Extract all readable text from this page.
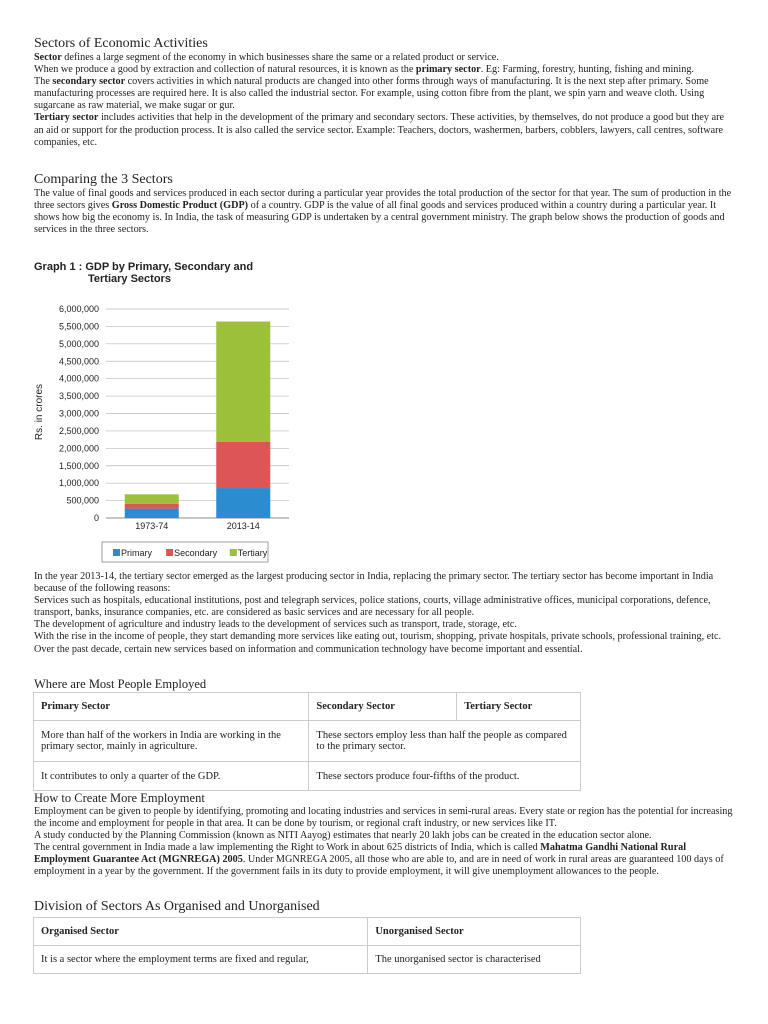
Sectors of Economic Activities

Sector defines a large segment of the economy in which businesses share the same or a related product or service.

When we produce a good by extraction and collection of natural resources, it is known as the primary sector. Eg: Farming, forestry, hunting, fishing and mining.

The secondary sector covers activities in which natural products are changed into other forms through ways of manufacturing. It is the next step after primary. Some manufacturing processes are required here. It is also called the industrial sector. For example, using cotton fibre from the plant, we spin yarn and weave cloth. Using sugarcane as raw material, we make sugar or gur.

Tertiary sector includes activities that help in the development of the primary and secondary sectors. These activities, by themselves, do not produce a good but they are an aid or support for the production process. It is also called the service sector. Example: Teachers, doctors, washermen, barbers, cobblers, lawyers, call centres, software companies, etc.

Comparing the 3 Sectors

The value of final goods and services produced in each sector during a particular year provides the total production of the sector for that year. The sum of production in the three sectors gives Gross Domestic Product (GDP) of a country. GDP is the value of all final goods and services produced within a country during a particular year. It shows how big the economy is. In India, the task of measuring GDP is undertaken by a central government ministry. The graph below shows the production of goods and services in the three sectors.

Graph 1 : GDP by Primary, Secondary and
Tertiary Sectors
0
500,000
1,000,000
1,500,000
2,000,000
2,500,000
3,000,000
3,500,000
4,000,000
4,500,000
5,000,000
5,500,000
6,000,000
1973-74	2013-14
Rs. in crores
Primary Secondary Tertiary

In the year 2013-14, the tertiary sector emerged as the largest producing sector in India, replacing the primary sector. The tertiary sector has become important in India because of the following reasons:

Services such as hospitals, educational institutions, post and telegraph services, police stations, courts, village administrative offices, municipal corporations, defence, transport, banks, insurance companies, etc. are considered as basic services and are necessary for all people.

The development of agriculture and industry leads to the development of services such as transport, trade, storage, etc.

With the rise in the income of people, they start demanding more services like eating out, tourism, shopping, private hospitals, private schools, professional training, etc.

Over the past decade, certain new services based on information and communication technology have become important and essential.

Where are Most People Employed
Primary Sector	Secondary Sector	Tertiary Sector
More than half of the workers in India are working in the primary sector, mainly in agriculture.	These sectors employ less than half the people as compared to the primary sector.	
It contributes to only a quarter of the GDP.	These sectors produce four-fifths of the product.	
How to Create More Employment

Employment can be given to people by identifying, promoting and locating industries and services in semi-rural areas. Every state or region has the potential for increasing the income and employment for people in that area. It can be done by tourism, or regional craft industry, or new services like IT.

A study conducted by the Planning Commission (known as NITI Aayog) estimates that nearly 20 lakh jobs can be created in the education sector alone.

The central government in India made a law implementing the Right to Work in about 625 districts of India, which is called Mahatma Gandhi National Rural Employment Guarantee Act (MGNREGA) 2005. Under MGNREGA 2005, all those who are able to, and are in need of work in rural areas are guaranteed 100 days of employment in a year by the government. If the government fails in its duty to provide employment, it will give unemployment allowances to the people.

Division of Sectors As Organised and Unorganised
Organised Sector	Unorganised Sector
It is a sector where the employment terms are fixed and regular,	The unorganised sector is characterised
